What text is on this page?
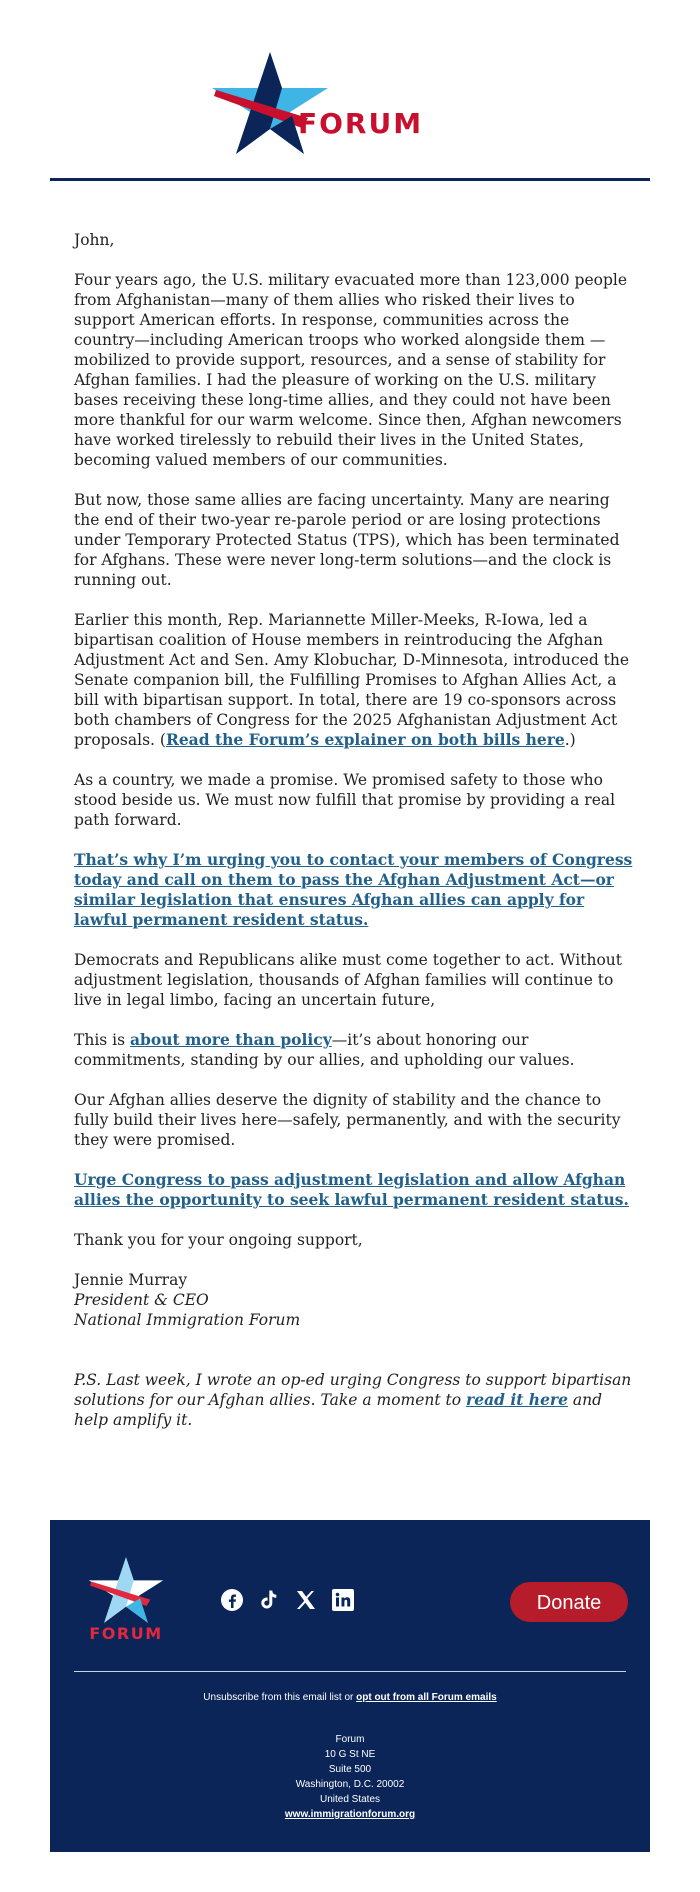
FORUM

John,

Four years ago, the U.S. military evacuated more than 123,000 people from Afghanistan—many of them allies who risked their lives to support American efforts. In response, communities across the country—including American troops who worked alongside them — mobilized to provide support, resources, and a sense of stability for Afghan families. I had the pleasure of working on the U.S. military bases receiving these long-time allies, and they could not have been more thankful for our warm welcome. Since then, Afghan newcomers have worked tirelessly to rebuild their lives in the United States, becoming valued members of our communities.

But now, those same allies are facing uncertainty. Many are nearing the end of their two-year re-parole period or are losing protections under Temporary Protected Status (TPS), which has been terminated for Afghans. These were never long-term solutions—and the clock is running out.

Earlier this month, Rep. Mariannette Miller-Meeks, R-Iowa, led a bipartisan coalition of House members in reintroducing the Afghan Adjustment Act and Sen. Amy Klobuchar, D-Minnesota, introduced the Senate companion bill, the Fulfilling Promises to Afghan Allies Act, a bill with bipartisan support. In total, there are 19 co-sponsors across both chambers of Congress for the 2025 Afghanistan Adjustment Act proposals. (Read the Forum’s explainer on both bills here.)

As a country, we made a promise. We promised safety to those who stood beside us. We must now fulfill that promise by providing a real path forward.

That’s why I’m urging you to contact your members of Congress today and call on them to pass the Afghan Adjustment Act—or similar legislation that ensures Afghan allies can apply for lawful permanent resident status.

Democrats and Republicans alike must come together to act. Without adjustment legislation, thousands of Afghan families will continue to live in legal limbo, facing an uncertain future,

This is about more than policy—it’s about honoring our commitments, standing by our allies, and upholding our values.

Our Afghan allies deserve the dignity of stability and the chance to fully build their lives here—safely, permanently, and with the security they were promised.

Urge Congress to pass adjustment legislation and allow Afghan allies the opportunity to seek lawful permanent resident status.

Thank you for your ongoing support,

Jennie Murray
President & CEO
National Immigration Forum

P.S. Last week, I wrote an op-ed urging Congress to support bipartisan solutions for our Afghan allies. Take a moment to read it here and help amplify it.

FORUM

Donate
Unsubscribe from this email list or opt out from all Forum emails
Forum
10 G St NE
Suite 500
Washington, D.C. 20002
United States
www.immigrationforum.org
